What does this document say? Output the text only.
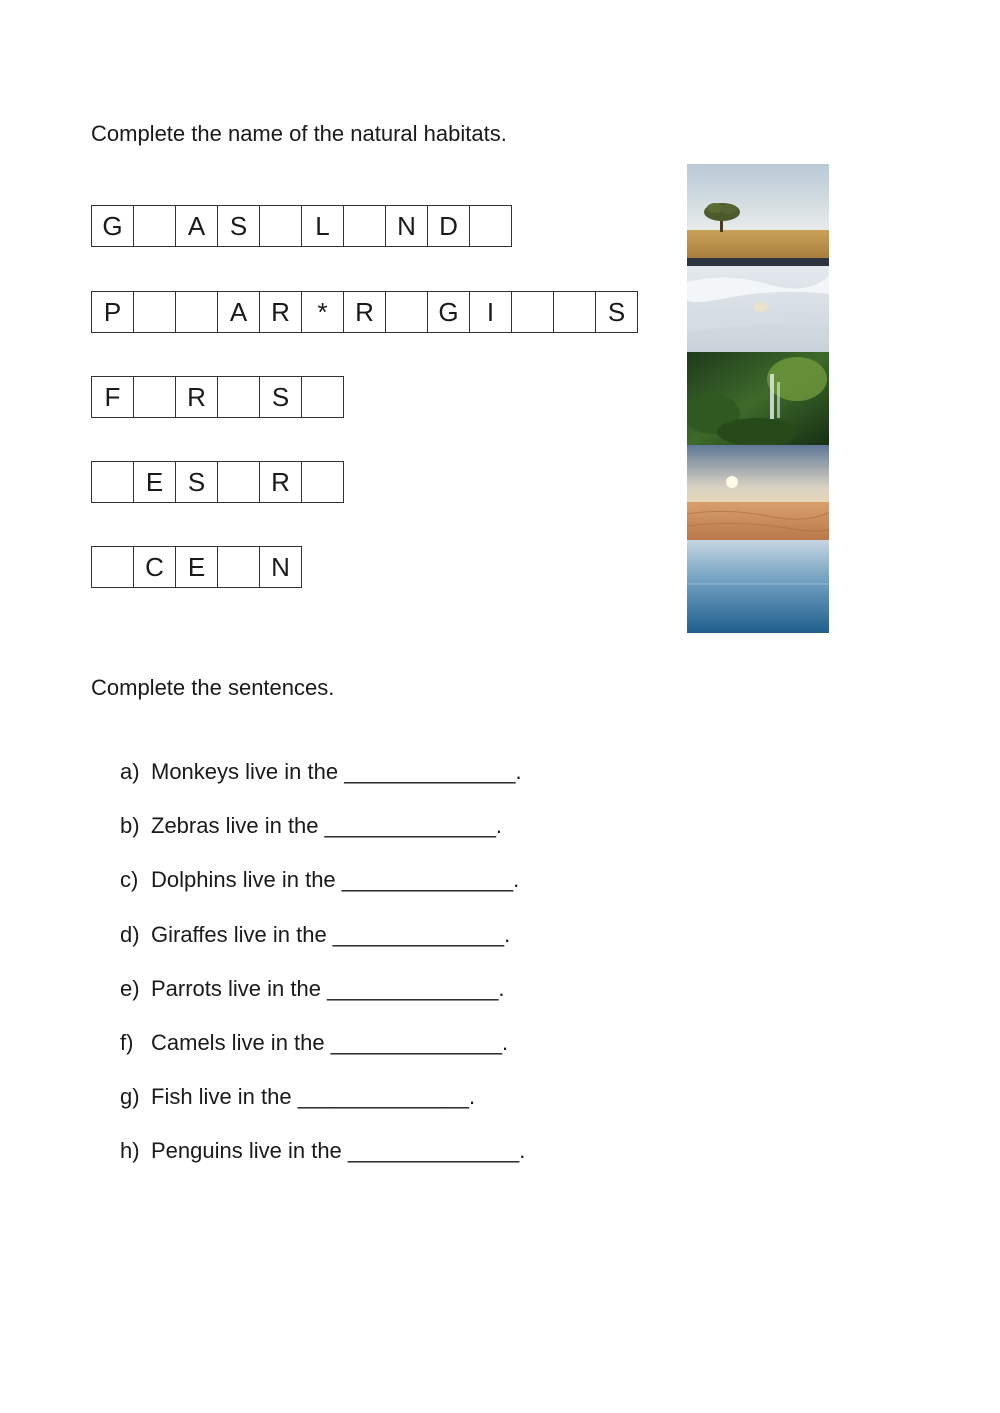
Complete the name of the natural habitats.
G	A S	L	N D
P	A R	*	R	G	I	S
F	R	S
E S	R
C E	N
Complete the sentences.
a) Monkeys live in the ______________.
b) Zebras live in the ______________.
c) Dolphins live in the ______________.
d) Giraffes live in the ______________.
e) Parrots live in the ______________.
f) Camels live in the ______________.
g) Fish live in the ______________.
h) Penguins live in the ______________.
